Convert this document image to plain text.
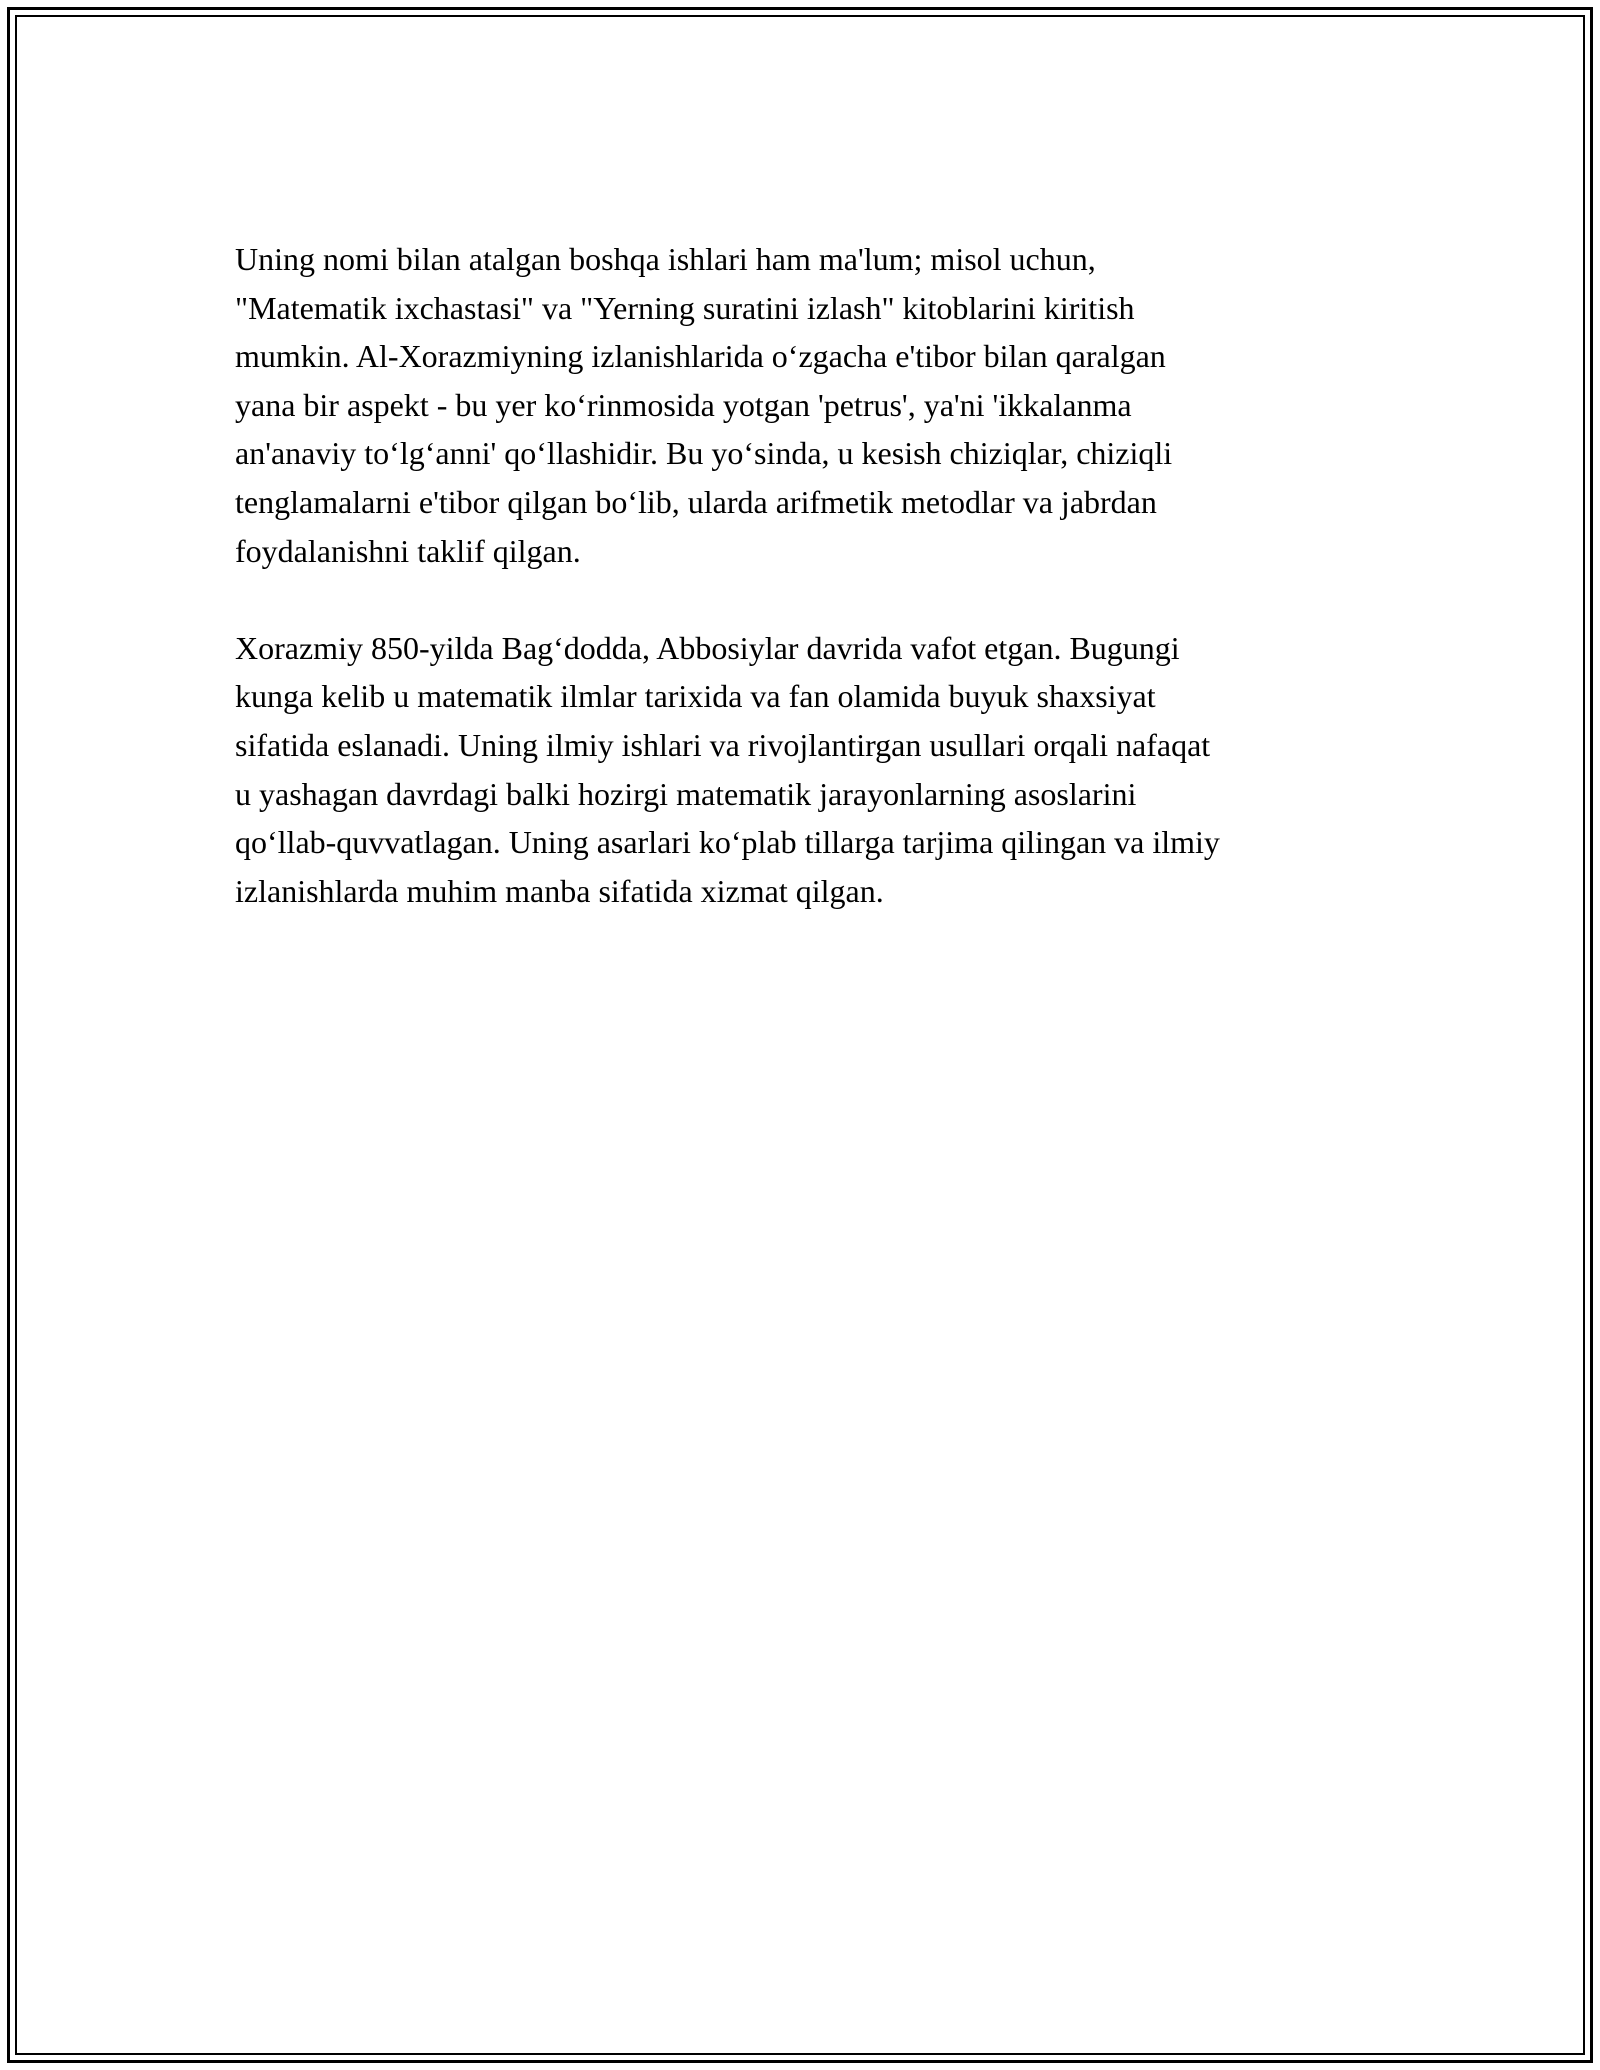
Uning nomi bilan atalgan boshqa ishlari ham ma'lum; misol uchun,
"Matematik ixchastasi" va "Yerning suratini izlash" kitoblarini kiritish
mumkin. Al-Xorazmiyning izlanishlarida o‘zgacha e'tibor bilan qaralgan
yana bir aspekt - bu yer ko‘rinmosida yotgan 'petrus', ya'ni 'ikkalanma
an'anaviy to‘lg‘anni' qo‘llashidir. Bu yo‘sinda, u kesish chiziqlar, chiziqli
tenglamalarni e'tibor qilgan bo‘lib, ularda arifmetik metodlar va jabrdan
foydalanishni taklif qilgan.

Xorazmiy 850-yilda Bag‘dodda, Abbosiylar davrida vafot etgan. Bugungi
kunga kelib u matematik ilmlar tarixida va fan olamida buyuk shaxsiyat
sifatida eslanadi. Uning ilmiy ishlari va rivojlantirgan usullari orqali nafaqat
u yashagan davrdagi balki hozirgi matematik jarayonlarning asoslarini
qo‘llab-quvvatlagan. Uning asarlari ko‘plab tillarga tarjima qilingan va ilmiy
izlanishlarda muhim manba sifatida xizmat qilgan.
